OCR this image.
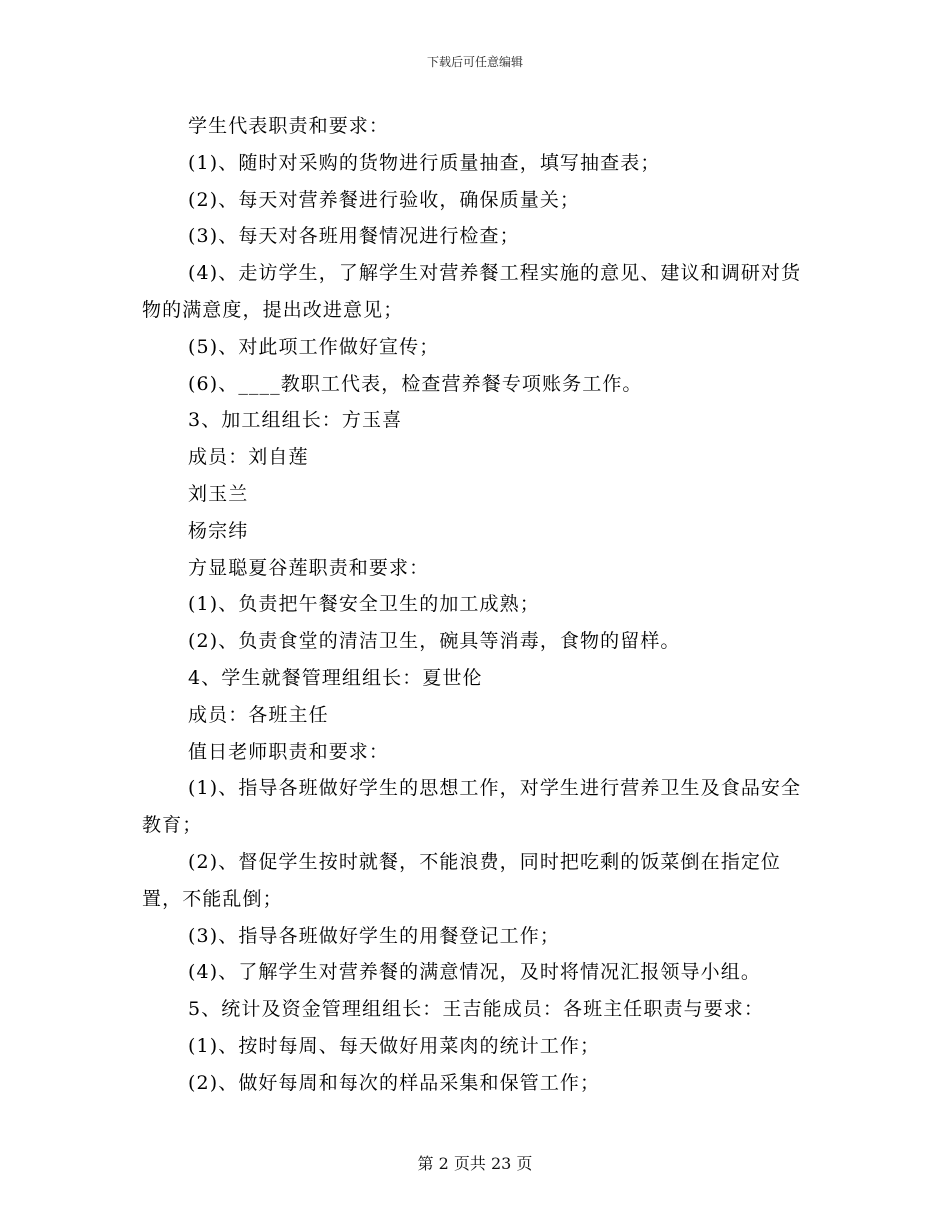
下载后可任意编辑

学生代表职责和要求：

(1)、随时对采购的货物进行质量抽查，填写抽查表；

(2)、每天对营养餐进行验收，确保质量关；

(3)、每天对各班用餐情况进行检查；

(4)、走访学生，了解学生对营养餐工程实施的意见、建议和调研对货物的满意度，提出改进意见；

(5)、对此项工作做好宣传；

(6)、____教职工代表，检查营养餐专项账务工作。

3、加工组组长：方玉喜

成员：刘自莲

刘玉兰

杨宗纬

方显聪夏谷莲职责和要求：

(1)、负责把午餐安全卫生的加工成熟；

(2)、负责食堂的清洁卫生，碗具等消毒，食物的留样。

4、学生就餐管理组组长：夏世伦

成员：各班主任

值日老师职责和要求：

(1)、指导各班做好学生的思想工作，对学生进行营养卫生及食品安全教育；

(2)、督促学生按时就餐，不能浪费，同时把吃剩的饭菜倒在指定位置，不能乱倒；

(3)、指导各班做好学生的用餐登记工作；

(4)、了解学生对营养餐的满意情况，及时将情况汇报领导小组。

5、统计及资金管理组组长：王吉能成员：各班主任职责与要求：

(1)、按时每周、每天做好用菜肉的统计工作；

(2)、做好每周和每次的样品采集和保管工作；

第 2 页共 23 页
